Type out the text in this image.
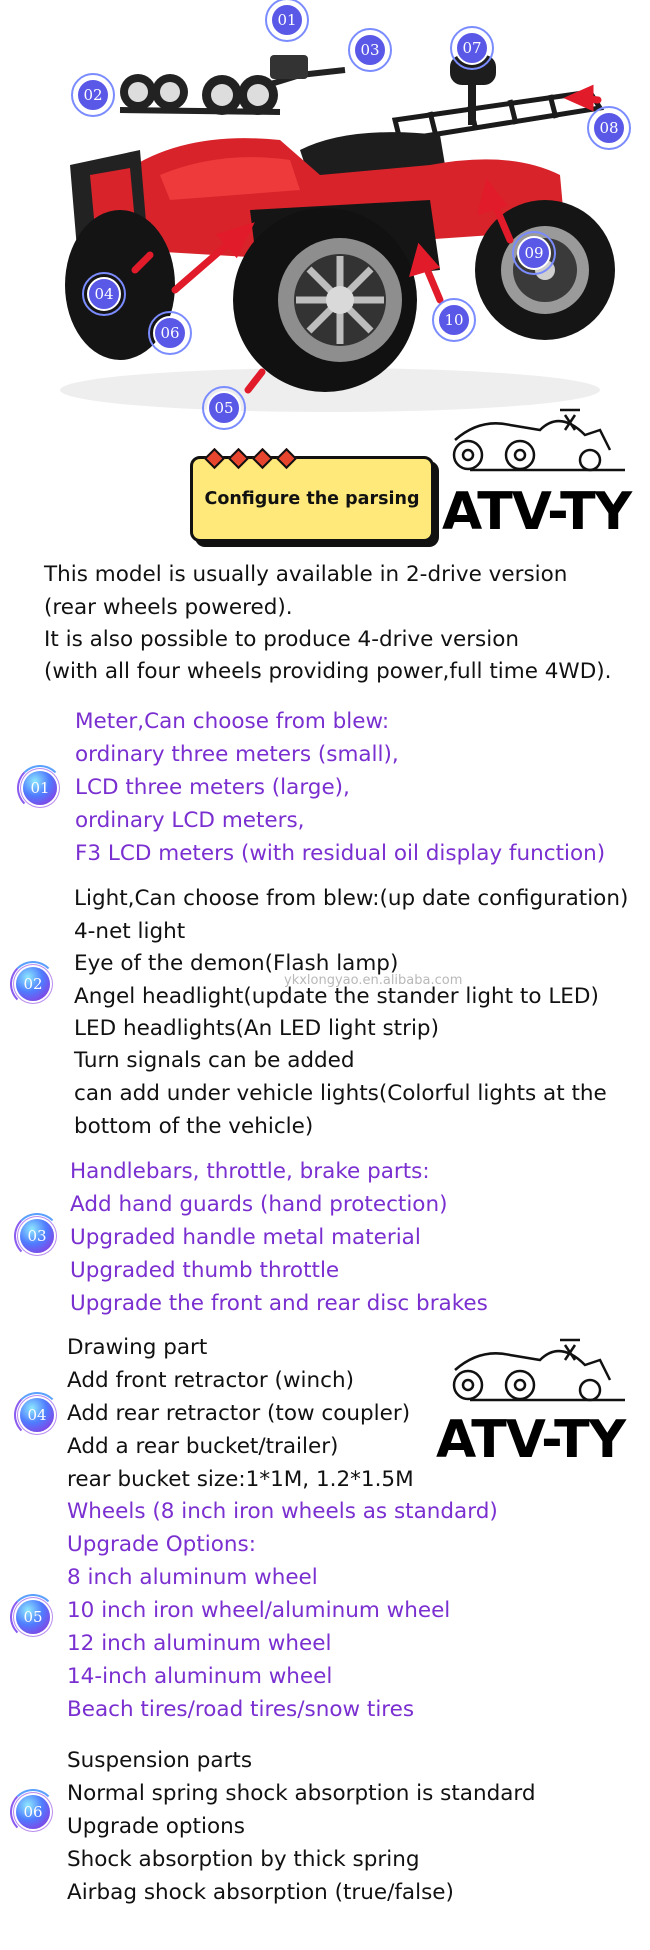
01
02
03	07
08
09
04
06
10
05
Configure the parsing ATV-TY
This model is usually available in 2-drive version
(rear wheels powered).
It is also possible to produce 4-drive version
(with all four wheels providing power,full time 4WD).
01
Meter,Can choose from blew:
ordinary three meters (small),
LCD three meters (large),
ordinary LCD meters,
F3 LCD meters (with residual oil display function)
02
Light,Can choose from blew:(up date configuration)
4-net light
Eye of the demon(Flash lamp)
Angel headlight(update the stander light to LED)
LED headlights(An LED light strip)
Turn signals can be added
can add under vehicle lights(Colorful lights at the
bottom of the vehicle)
ykxlongyao.en.alibaba.com
03
Handlebars, throttle, brake parts:
Add hand guards (hand protection)
Upgraded handle metal material
Upgraded thumb throttle
Upgrade the front and rear disc brakes
04
Drawing part
Add front retractor (winch)
Add rear retractor (tow coupler)
Add a rear bucket/trailer)
rear bucket size:1*1M, 1.2*1.5M
ATV-TY
05
Wheels (8 inch iron wheels as standard)
Upgrade Options:
8 inch aluminum wheel
10 inch iron wheel/aluminum wheel
12 inch aluminum wheel
14-inch aluminum wheel
Beach tires/road tires/snow tires
06
Suspension parts
Normal spring shock absorption is standard
Upgrade options
Shock absorption by thick spring
Airbag shock absorption (true/false)
